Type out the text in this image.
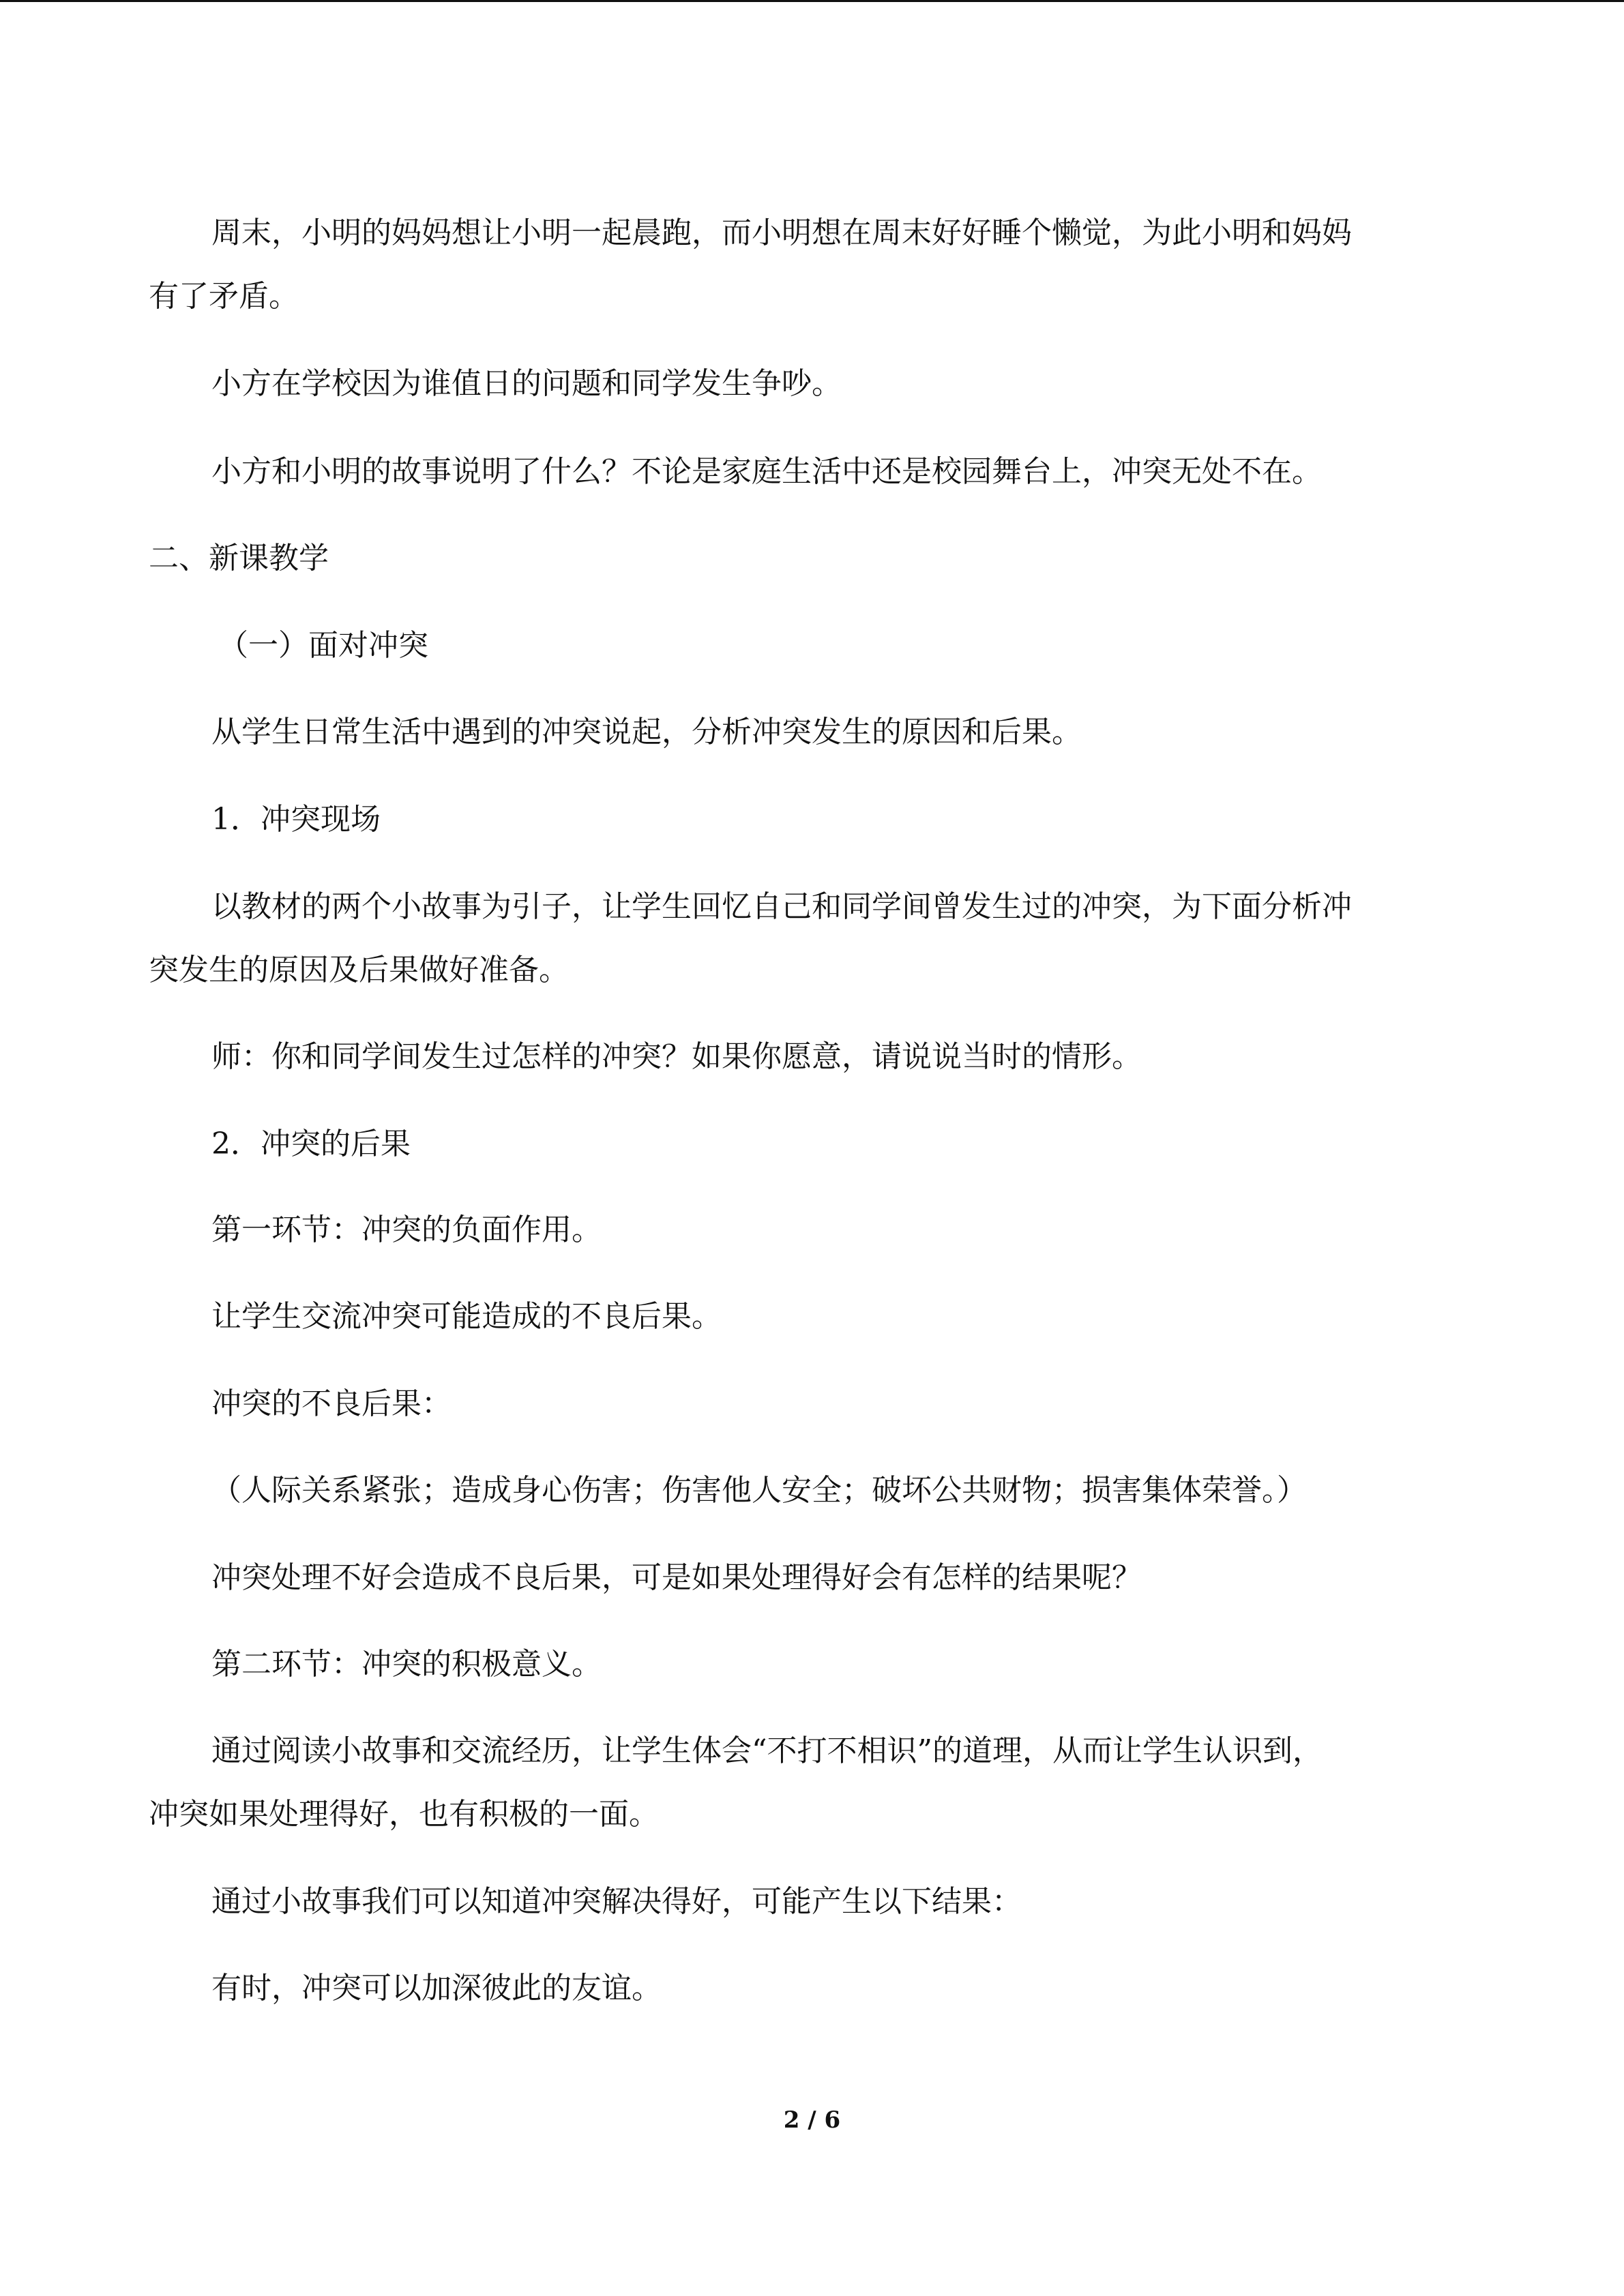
周末，小明的妈妈想让小明一起晨跑，而小明想在周末好好睡个懒觉，为此小明和妈妈

有了矛盾。

小方在学校因为谁值日的问题和同学发生争吵。

小方和小明的故事说明了什么？不论是家庭生活中还是校园舞台上，冲突无处不在。

二、新课教学

（一）面对冲突

从学生日常生活中遇到的冲突说起，分析冲突发生的原因和后果。

1．冲突现场

以教材的两个小故事为引子，让学生回忆自己和同学间曾发生过的冲突，为下面分析冲

突发生的原因及后果做好准备。

师：你和同学间发生过怎样的冲突？如果你愿意，请说说当时的情形。

2．冲突的后果

第一环节：冲突的负面作用。

让学生交流冲突可能造成的不良后果。

冲突的不良后果：

（人际关系紧张；造成身心伤害；伤害他人安全；破坏公共财物；损害集体荣誉。）

冲突处理不好会造成不良后果，可是如果处理得好会有怎样的结果呢？

第二环节：冲突的积极意义。

通过阅读小故事和交流经历，让学生体会“不打不相识”的道理，从而让学生认识到，

冲突如果处理得好，也有积极的一面。

通过小故事我们可以知道冲突解决得好，可能产生以下结果：

有时，冲突可以加深彼此的友谊。

2 / 6
